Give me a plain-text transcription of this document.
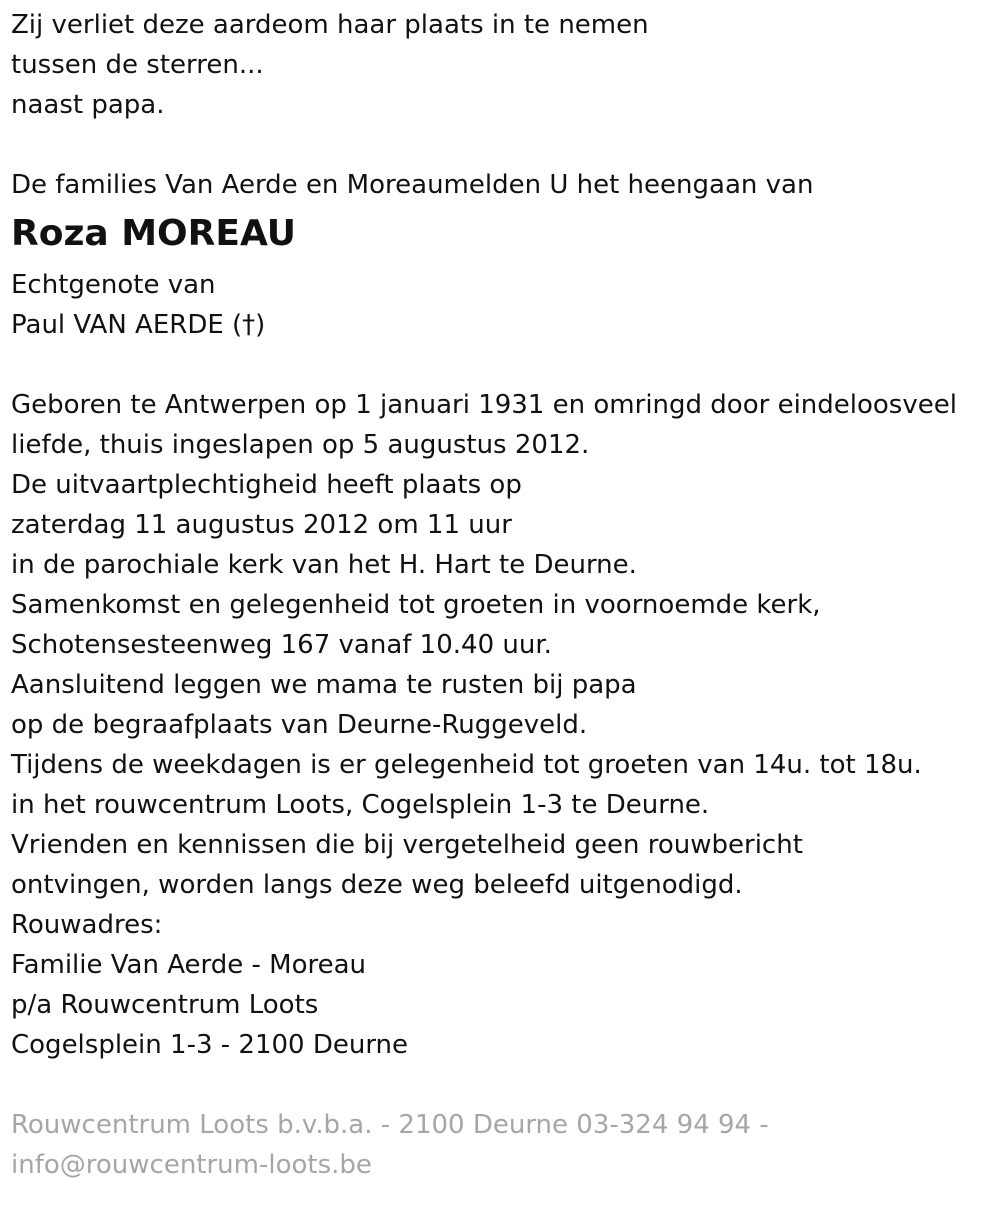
Zij verliet deze aardeom haar plaats in te nemen
tussen de sterren...
naast papa.
De families Van Aerde en Moreaumelden U het heengaan van
Roza MOREAU
Echtgenote van
Paul VAN AERDE (†)
Geboren te Antwerpen op 1 januari 1931 en omringd door eindeloosveel
liefde, thuis ingeslapen op 5 augustus 2012.
De uitvaartplechtigheid heeft plaats op
zaterdag 11 augustus 2012 om 11 uur
in de parochiale kerk van het H. Hart te Deurne.
Samenkomst en gelegenheid tot groeten in voornoemde kerk,
Schotensesteenweg 167 vanaf 10.40 uur.
Aansluitend leggen we mama te rusten bij papa
op de begraafplaats van Deurne-Ruggeveld.
Tijdens de weekdagen is er gelegenheid tot groeten van 14u. tot 18u.
in het rouwcentrum Loots, Cogelsplein 1-3 te Deurne.
Vrienden en kennissen die bij vergetelheid geen rouwbericht
ontvingen, worden langs deze weg beleefd uitgenodigd.
Rouwadres:
Familie Van Aerde - Moreau
p/a Rouwcentrum Loots
Cogelsplein 1-3 - 2100 Deurne
Rouwcentrum Loots b.v.b.a. - 2100 Deurne 03-324 94 94 -
info@rouwcentrum-loots.be
